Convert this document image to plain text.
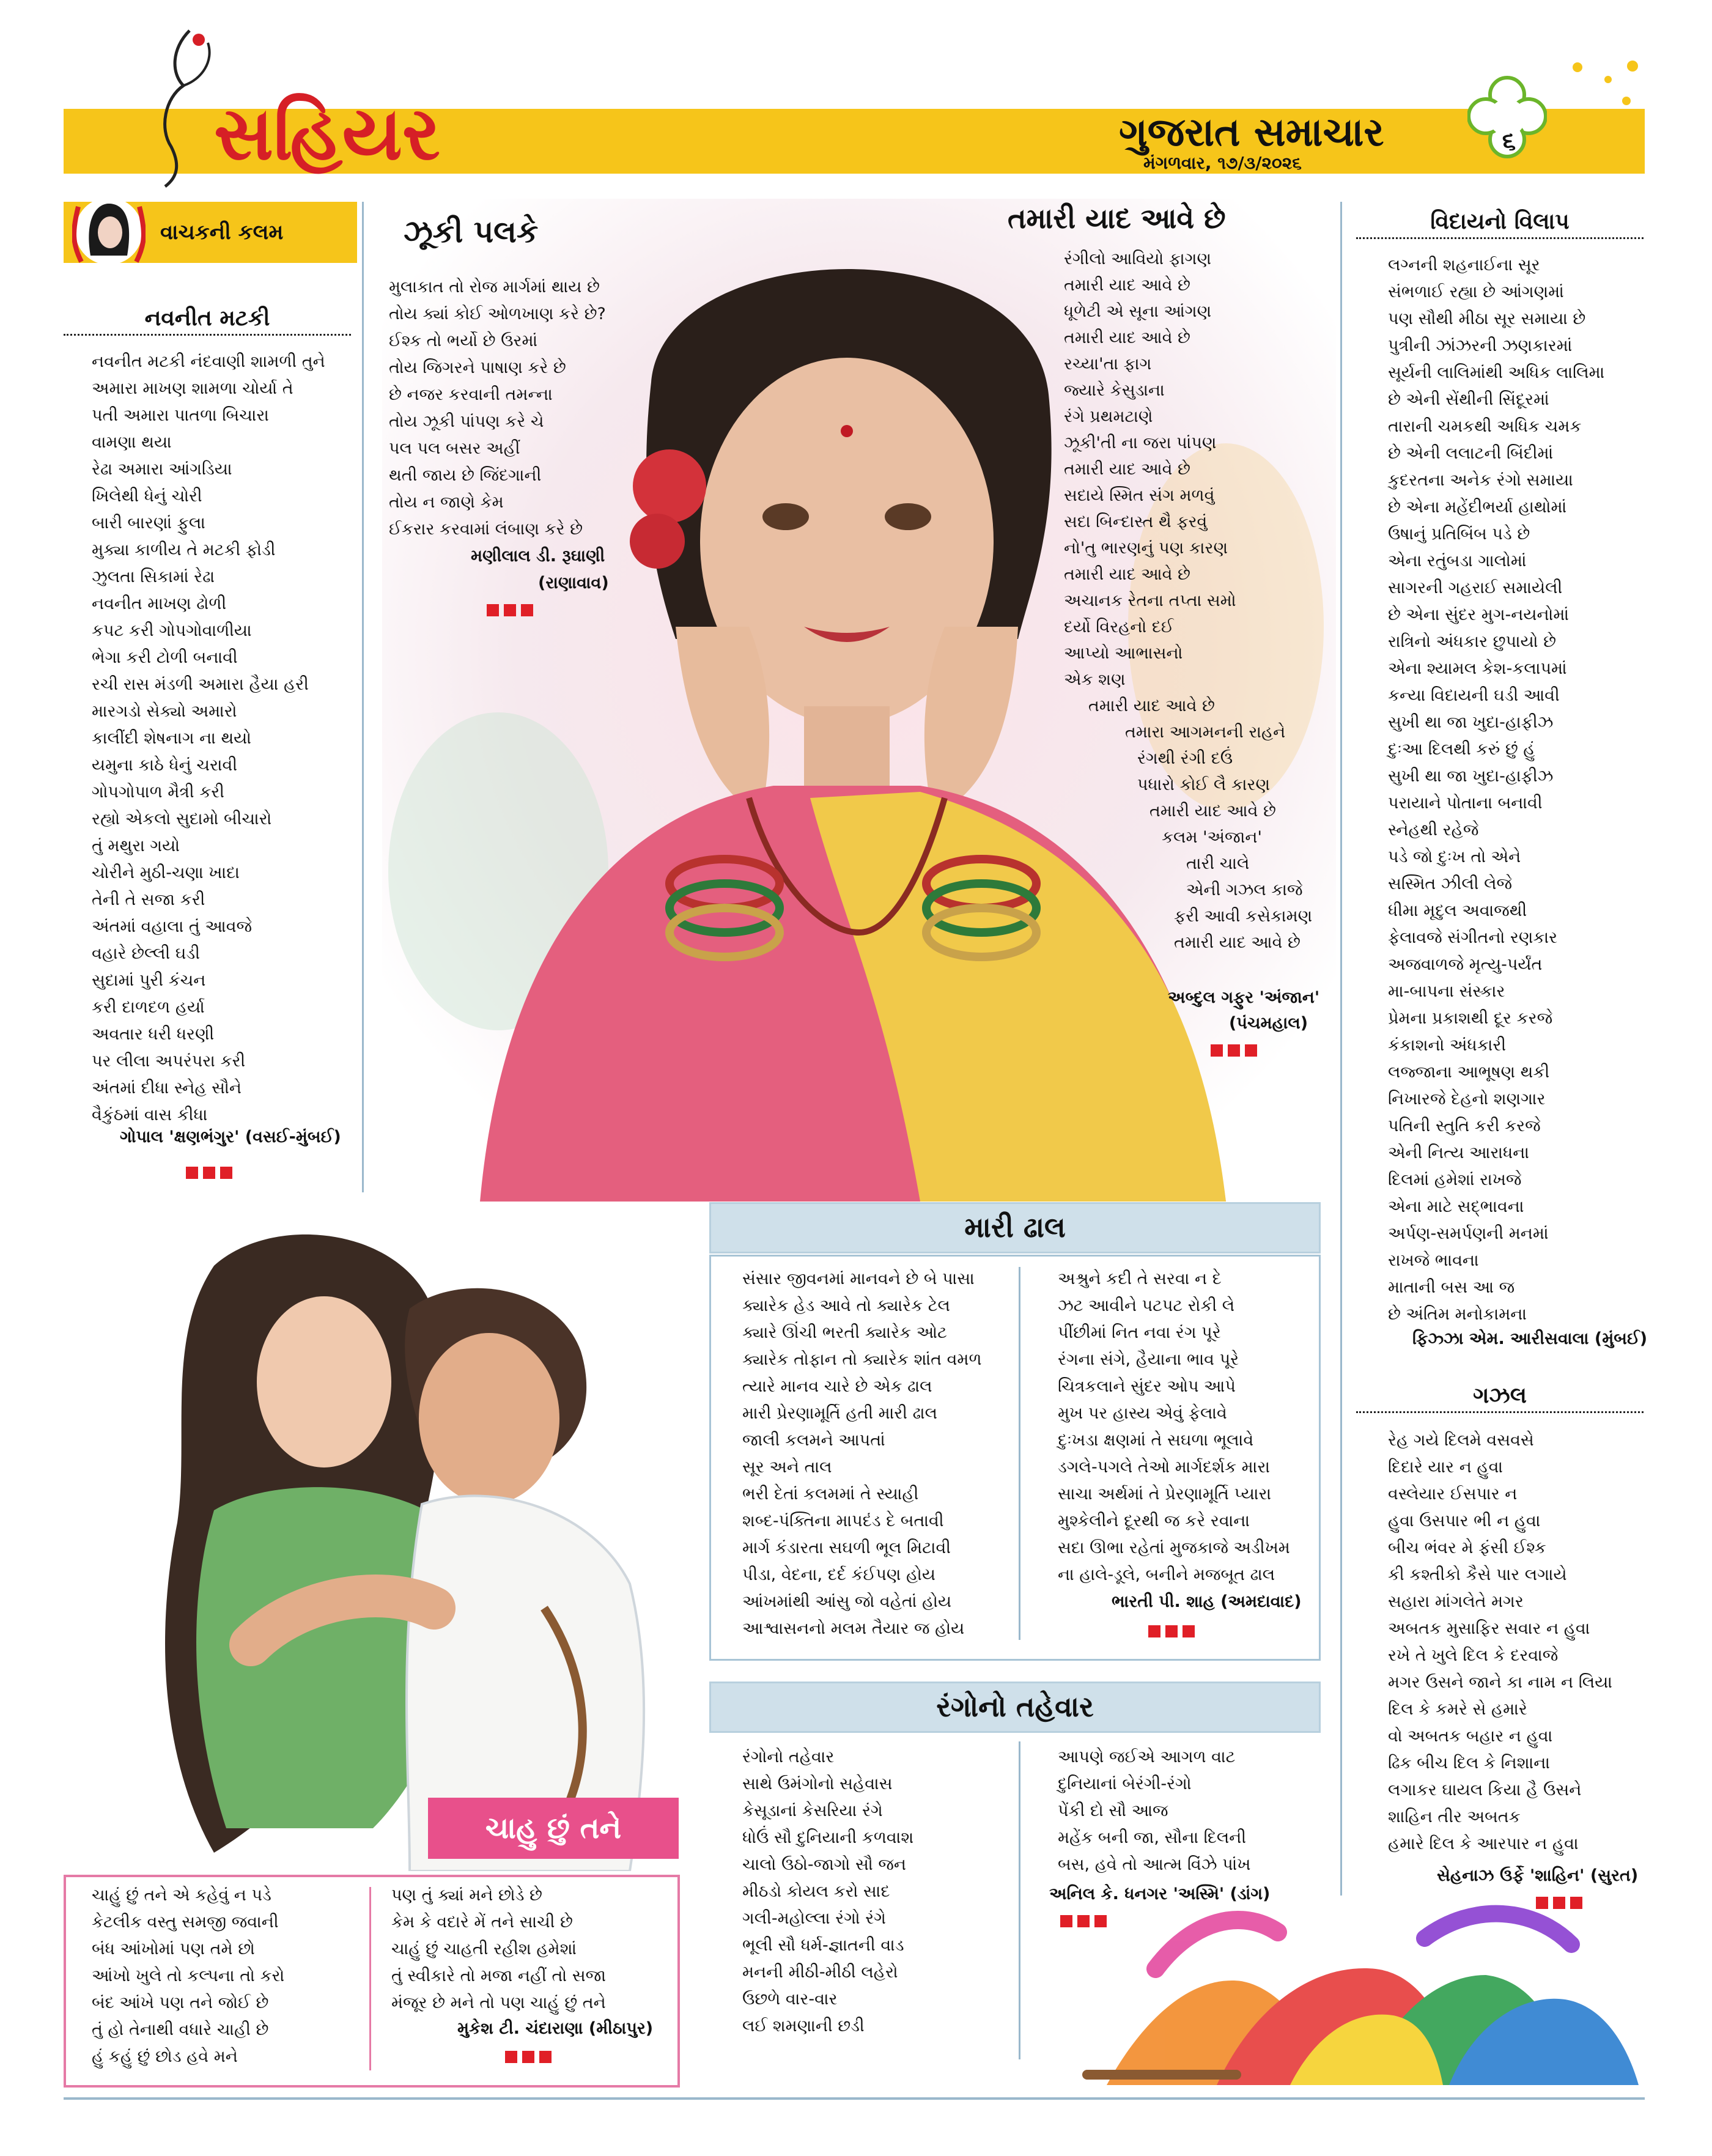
સહિયર	ગુજરાત સમાચાર
મંગળવાર, ૧૭/૩/૨૦૨૬
૬
વાચકની કલમ
નવનીત મટકી
નવનીત મટકી નંદવાણી શામળી તુને
અમારા માખણ શામળા ચોર્યા તે
પતી અમારા પાતળા બિચારા
વામણા થયા
રેઢા અમારા આંગડિયા
ખિલેથી ધેનું ચોરી
બારી બારણાં ફુલા
મુક્યા કાળીય તે મટકી ફોડી
ઝુલતા સિકામાં રેઢા
નવનીત માખણ ઢોળી
કપટ કરી ગોપગોવાળીયા
ભેગા કરી ટોળી બનાવી
રચી રાસ મંડળી અમારા હૈયા હરી
મારગડો સેક્યો અમારો
કાલીંદી શેષનાગ ના થયો
યમુના કાઠે ધેનું ચરાવી
ગોપગોપાળ મૈત્રી કરી
રહ્યો એકલો સુદામો બીચારો
તું મથુરા ગયો
ચોરીને મુઠી-ચણા ખાદા
તેની તે સજા કરી
અંતમાં વહાલા તું આવજે
વહારે છેલ્લી ઘડી
સુદામાં પુરી કંચન
કરી દાળદળ હર્યા
અવતાર ધરી ધરણી
પર લીલા અપરંપરા કરી
અંતમાં દીધા સ્નેહ સૌને
વૈકુંઠમાં વાસ કીધા
ગોપાલ 'ક્ષણભંગુર' (વસઈ-મુંબઈ)
ઝૂકી પલકે
મુલાકાત તો રોજ માર્ગમાં થાય છે
તોય ક્યાં કોઈ ઓળખાણ કરે છે?
ઈશ્ક તો ભર્યો છે ઉરમાં
તોય જિગરને પાષાણ કરે છે
છે નજર કરવાની તમન્ના
તોય ઝૂકી પાંપણ કરે ચે
પલ પલ બસર અહીં
થતી જાય છે જિંદગાની
તોય ન જાણે કેમ
ઈકરાર કરવામાં લંબાણ કરે છે
મણીલાલ ડી. રૂઘાણી
(રાણાવાવ)
તમારી યાદ આવે છે
રંગીલો આવિયો ફાગણ
તમારી યાદ આવે છે
ધૂળેટી એ સૂના આંગણ
તમારી યાદ આવે છે
રચ્યા'તા ફાગ
જ્યારે કેસુડાના
રંગે પ્રથમટાણે
ઝૂકી'તી ના જરા પાંપણ
તમારી યાદ આવે છે
સદાયે સ્મિત સંગ મળવું
સદા બિન્દાસ્ત થૈ ફરવું
નો'તુ ભારણનું પણ કારણ
તમારી યાદ આવે છે
અચાનક રેતના તપ્તા સમો
દર્યો વિરહનો દઈ
આપ્યો આભાસનો
એક શણ
તમારી યાદ આવે છે
તમારા આગમનની રાહને
રંગથી રંગી દઉં
પધારો કોઈ લૈ કારણ
તમારી યાદ આવે છે
કલમ 'અંજાન'
તારી ચાલે
એની ગઝલ કાજે
ફરી આવી કસેકામણ
તમારી યાદ આવે છે
અબ્દુલ ગફુર 'અંજાન'
(પંચમહાલ)
વિદાયનો વિલાપ
લગ્નની શહનાઈના સૂર
સંભળાઈ રહ્યા છે આંગણમાં
પણ સૌથી મીઠા સૂર સમાયા છે
પુત્રીની ઝાંઝરની ઝણકારમાં
સૂર્યની લાલિમાંથી અધિક લાલિમા
છે એની સેંથીની સિંદૂરમાં
તારાની ચમકથી અધિક ચમક
છે એની લલાટની બિંદીમાં
કુદરતના અનેક રંગો સમાયા
છે એના મહેંદીભર્યા હાથોમાં
ઉષાનું પ્રતિબિંબ પડે છે
એના રતુંબડા ગાલોમાં
સાગરની ગહરાઈ સમાયેલી
છે એના સુંદર મુગ-નયનોમાં
રાત્રિનો અંધકાર છુપાયો છે
એના શ્યામલ કેશ-કલાપમાં
કન્યા વિદાયની ઘડી આવી
સુખી થા જા ખુદા-હાફીઝ
દુઃઆ દિલથી કરું છું હું
સુખી થા જા ખુદા-હાફીઝ
પરાયાને પોતાના બનાવી
સ્નેહથી રહેજે
પડે જો દુઃખ તો એને
સસ્મિત ઝીલી લેજે
ધીમા મૃદુલ અવાજથી
ફેલાવજે સંગીતનો રણકાર
અજવાળજે મૃત્યુ-પર્યંત
મા-બાપના સંસ્કાર
પ્રેમના પ્રકાશથી દૂર કરજે
કંકાશનો અંધકારી
લજ્જાના આભૂષણ થકી
નિખારજે દેહનો શણગાર
પતિની સ્તુતિ કરી કરજે
એની નિત્ય આરાધના
દિલમાં હમેશાં રાખજે
એના માટે સદ્ભાવના
અર્પણ-સમર્પણની મનમાં
રાખજે ભાવના
માતાની બસ આ જ
છે અંતિમ મનોકામના
ફિઝ્ઝા એમ. આરીસવાલા (મુંબઈ)
ગઝલ
રેહ ગયે દિલમે વસવસે
દિદારે યાર ન હુવા
વસ્લેયાર ઈસપાર ન
હુવા ઉસપાર ભી ન હુવા
બીચ ભંવર મે ફંસી ઈશ્ક
કી કશ્તીકો કૈસે પાર લગાયે
સહારા માંગલેતે મગર
અબતક મુસાફિર સવાર ન હુવા
રખે તે ખુલે દિલ કે દરવાજે
મગર ઉસને જાને કા નામ ન લિયા
દિલ કે કમરે સે હમારે
વો અબતક બહાર ન હુવા
ઢિક બીચ દિલ કે નિશાના
લગાકર ઘાયલ કિયા હૈ ઉસને
શાહિન તીર અબતક
હમારે દિલ કે આરપાર ન હુવા
સેહનાઝ ઉર્ફે 'શાહિન' (સુરત)
ચાહુ છું તને
ચાહું છું તને એ કહેવું ન પડે
કેટલીક વસ્તુ સમજી જવાની
બંધ આંખોમાં પણ તમે છો
આંખો ખુલે તો કલ્પના તો કરો
બંદ આંખે પણ તને જોઈ છે
તું હો તેનાથી વધારે ચાહી છે
હું કહું છું છોડ હવે મને
પણ તું ક્યાં મને છોડે છે
કેમ કે વદારે મેં તને સાચી છે
ચાહું છું ચાહતી રહીશ હમેશાં
તું સ્વીકારે તો મજા નહીં તો સજા
મંજૂર છે મને તો પણ ચાહું છું તને
મુકેશ ટી. ચંદારાણા (મીઠાપુર)
મારી ઢાલ
સંસાર જીવનમાં માનવને છે બે પાસા
ક્યારેક હેડ આવે તો ક્યારેક ટેલ
ક્યારે ઊંચી ભરતી ક્યારેક ઓટ
ક્યારેક તોફાન તો ક્યારેક શાંત વમળ
ત્યારે માનવ ચારે છે એક ઢાલ
મારી પ્રેરણામૂર્તિ હતી મારી ઢાલ
જાલી કલમને આપતાં
સૂર અને તાલ
ભરી દેતાં કલમમાં તે સ્યાહી
શબ્દ-પંક્તિના માપદંડ દે બતાવી
માર્ગ કંડારતા સઘળી ભૂલ મિટાવી
પીડા, વેદના, દર્દ કંઈપણ હોય
આંખમાંથી આંસુ જો વહેતાં હોય
આશ્વાસનનો મલમ તૈયાર જ હોય
અશ્રુને કદી તે સરવા ન દે
ઝટ આવીને પટપટ રોકી લે
પીંછીમાં નિત નવા રંગ પૂરે
રંગના સંગે, હૈયાના ભાવ પૂરે
ચિત્રકલાને સુંદર ઓપ આપે
મુખ પર હાસ્ય એવું ફેલાવે
દુઃખડા ક્ષણમાં તે સઘળા ભૂલાવે
ડગલે-પગલે તેઓ માર્ગદર્શક મારા
સાચા અર્થમાં તે પ્રેરણામૂર્તિ પ્યારા
મુશ્કેલીને દૂરથી જ કરે રવાના
સદા ઊભા રહેતાં મુજકાજે અડીખમ
ના હાલે-ડૂલે, બનીને મજબૂત ઢાલ
ભારતી પી. શાહ (અમદાવાદ)
રંગોનો તહેવાર
રંગોનો તહેવાર
સાથે ઉમંગોનો સહેવાસ
કેસૂડાનાં કેસરિયા રંગે
ધોઉં સૌ દુનિયાની કળવાશ
ચાલો ઉઠો-જાગો સૌ જન
મીઠડો કોયલ કરો સાદ
ગલી-મહોલ્લા રંગો રંગે
ભૂલી સૌ ધર્મ-જ્ઞાતની વાડ
મનની મીઠી-મીઠી લહેરો
ઉછળે વાર-વાર
લઈ શમણાની છડી
આપણે જઈએ આગળ વાટ
દુનિયાનાં બેરંગી-રંગો
પેંકી દો સૌ આજ
મહેંક બની જા, સૌના દિલની
બસ, હવે તો આત્મ વિંઝે પાંખ
અનિલ કે. ધનગર 'અસ્મિ' (ડાંગ)
